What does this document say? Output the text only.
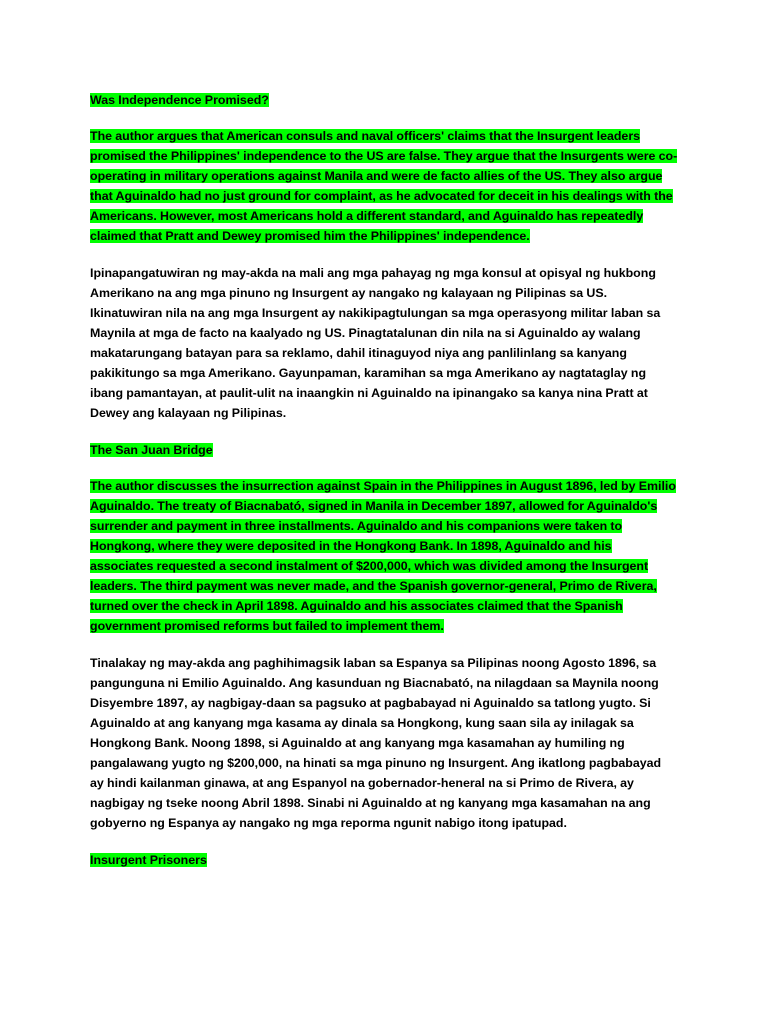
Was Independence Promised?

The author argues that American consuls and naval officers' claims that the Insurgent leaders promised the Philippines' independence to the US are false. They argue that the Insurgents were co-operating in military operations against Manila and were de facto allies of the US. They also argue that Aguinaldo had no just ground for complaint, as he advocated for deceit in his dealings with the Americans. However, most Americans hold a different standard, and Aguinaldo has repeatedly claimed that Pratt and Dewey promised him the Philippines' independence.

Ipinapangatuwiran ng may-akda na mali ang mga pahayag ng mga konsul at opisyal ng hukbong Amerikano na ang mga pinuno ng Insurgent ay nangako ng kalayaan ng Pilipinas sa US. Ikinatuwiran nila na ang mga Insurgent ay nakikipagtulungan sa mga operasyong militar laban sa Maynila at mga de facto na kaalyado ng US. Pinagtatalunan din nila na si Aguinaldo ay walang makatarungang batayan para sa reklamo, dahil itinaguyod niya ang panlilinlang sa kanyang pakikitungo sa mga Amerikano. Gayunpaman, karamihan sa mga Amerikano ay nagtataglay ng ibang pamantayan, at paulit-ulit na inaangkin ni Aguinaldo na ipinangako sa kanya nina Pratt at Dewey ang kalayaan ng Pilipinas.

The San Juan Bridge

The author discusses the insurrection against Spain in the Philippines in August 1896, led by Emilio Aguinaldo. The treaty of Biacnabató, signed in Manila in December 1897, allowed for Aguinaldo's surrender and payment in three installments. Aguinaldo and his companions were taken to Hongkong, where they were deposited in the Hongkong Bank. In 1898, Aguinaldo and his associates requested a second instalment of $200,000, which was divided among the Insurgent leaders. The third payment was never made, and the Spanish governor-general, Primo de Rivera, turned over the check in April 1898. Aguinaldo and his associates claimed that the Spanish government promised reforms but failed to implement them.

Tinalakay ng may-akda ang paghihimagsik laban sa Espanya sa Pilipinas noong Agosto 1896, sa pangunguna ni Emilio Aguinaldo. Ang kasunduan ng Biacnabató, na nilagdaan sa Maynila noong Disyembre 1897, ay nagbigay-daan sa pagsuko at pagbabayad ni Aguinaldo sa tatlong yugto. Si Aguinaldo at ang kanyang mga kasama ay dinala sa Hongkong, kung saan sila ay inilagak sa Hongkong Bank. Noong 1898, si Aguinaldo at ang kanyang mga kasamahan ay humiling ng pangalawang yugto ng $200,000, na hinati sa mga pinuno ng Insurgent. Ang ikatlong pagbabayad ay hindi kailanman ginawa, at ang Espanyol na gobernador-heneral na si Primo de Rivera, ay nagbigay ng tseke noong Abril 1898. Sinabi ni Aguinaldo at ng kanyang mga kasamahan na ang gobyerno ng Espanya ay nangako ng mga reporma ngunit nabigo itong ipatupad.

Insurgent Prisoners
